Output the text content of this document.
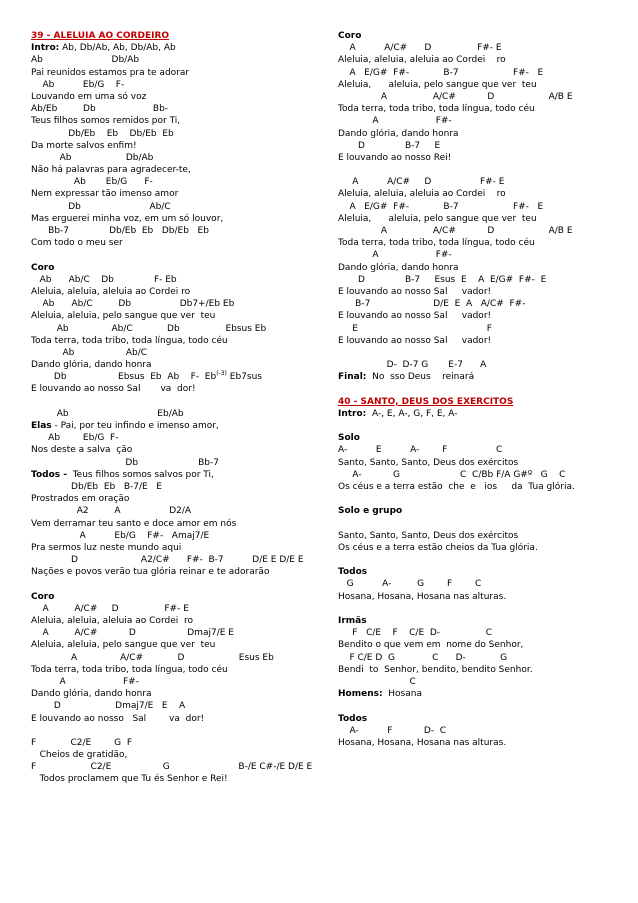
39 - ALELUIA AO CORDEIRO
Intro: Ab, Db/Ab, Ab, Db/Ab, Ab
Ab                        Db/Ab
Pai reunidos estamos pra te adorar
Ab          Eb/G    F-
Louvando em uma só voz
Ab/Eb         Db                    Bb-
Teus filhos somos remidos por Ti,
Db/Eb    Eb    Db/Eb  Eb
Da morte salvos enfim!
Ab                   Db/Ab
Não há palavras para agradecer-te,
Ab       Eb/G      F-
Nem expressar tão imenso amor
Db                        Ab/C
Mas erguerei minha voz, em um só louvor,
Bb-7              Db/Eb  Eb   Db/Eb   Eb
Com todo o meu ser
Coro
Ab      Ab/C    Db              F- Eb
Aleluia, aleluia, aleluia ao Cordei ro
Ab      Ab/C         Db                 Db7+/Eb Eb
Aleluia, aleluia, pelo sangue que ver  teu
Ab               Ab/C            Db                Ebsus Eb
Toda terra, toda tribo, toda língua, todo céu
Ab                  Ab/C
Dando glória, dando honra
Db                  Ebsus  Eb  Ab    F-  $Eb^{(-3)}$ Eb7sus
E louvando ao nosso Sal       va  dor!
Ab                               Eb/Ab
Elas - Pai, por teu infindo e imenso amor,
Ab        Eb/G  F-
Nos deste a salva  ção
Db                     Bb-7
Todos -  Teus filhos somos salvos por Ti,
Db/Eb  Eb   B-7/E   E
Prostrados em oração
A2         A                 D2/A
Vem derramar teu santo e doce amor em nós
A          Eb/G    F#-   Amaj7/E
Pra sermos luz neste mundo aqui
D                      A2/C#      F#-  B-7          D/E E D/E E
Nações e povos verão tua glória reinar e te adorarão
Coro
A         A/C#     D                F#- E
Aleluia, aleluia, aleluia ao Cordei  ro
A         A/C#           D                  Dmaj7/E E
Aleluia, aleluia, pelo sangue que ver  teu
A               A/C#            D                   Esus Eb
Toda terra, toda tribo, toda língua, todo céu
A                    F#-
Dando glória, dando honra
D                   Dmaj7/E   E    A
E louvando ao nosso   Sal        va  dor!
F            C2/E        G  F
Cheios de gratidão,
F                   C2/E                  G                        B-/E C#-/E D/E E
Todos proclamem que Tu és Senhor e Rei!
Coro
A          A/C#      D                F#- E
Aleluia, aleluia, aleluia ao Cordei    ro
A   E/G#  F#-            B-7                   F#-   E
Aleluia,      aleluia, pelo sangue que ver  teu
A                A/C#           D                   A/B E
Toda terra, toda tribo, toda língua, todo céu
A                    F#-
Dando glória, dando honra
D              B-7     E
E louvando ao nosso Rei!
A          A/C#     D                 F#- E
Aleluia, aleluia, aleluia ao Cordei    ro
A   E/G#  F#-            B-7                   F#-   E
Aleluia,      aleluia, pelo sangue que ver  teu
A                A/C#           D                   A/B E
Toda terra, toda tribo, toda língua, todo céu
A                    F#-
Dando glória, dando honra
D              B-7     Esus  E    A  E/G#  F#-  E
E louvando ao nosso Sal     vador!
B-7                      D/E  E  A   A/C#  F#-
E louvando ao nosso Sal     vador!
E                                             F
E louvando ao nosso Sal     vador!
D-  D-7 G       E-7      A
Final:  No  sso Deus    reinará
40 - SANTO, DEUS DOS EXERCITOS
Intro:  A-, E, A-, G, F, E, A-
Solo
A-          E          A-        F                 C
Santo, Santo, Santo, Deus dos exércitos
A-           G                     C  C/Bb F/A G#º   G    C
Os céus e a terra estão  che  e   ios     da  Tua glória.
Solo e grupo
Santo, Santo, Santo, Deus dos exércitos
Os céus e a terra estão cheios da Tua glória.
Todos
G          A-         G        F        C
Hosana, Hosana, Hosana nas alturas.
Irmãs
F   C/E    F    C/E  D-                C
Bendito o que vem em  nome do Senhor,
F C/E D  G             C      D-            G
Bendi  to  Senhor, bendito, bendito Senhor.
C
Homens:  Hosana
Todos
A-          F           D-  C
Hosana, Hosana, Hosana nas alturas.
